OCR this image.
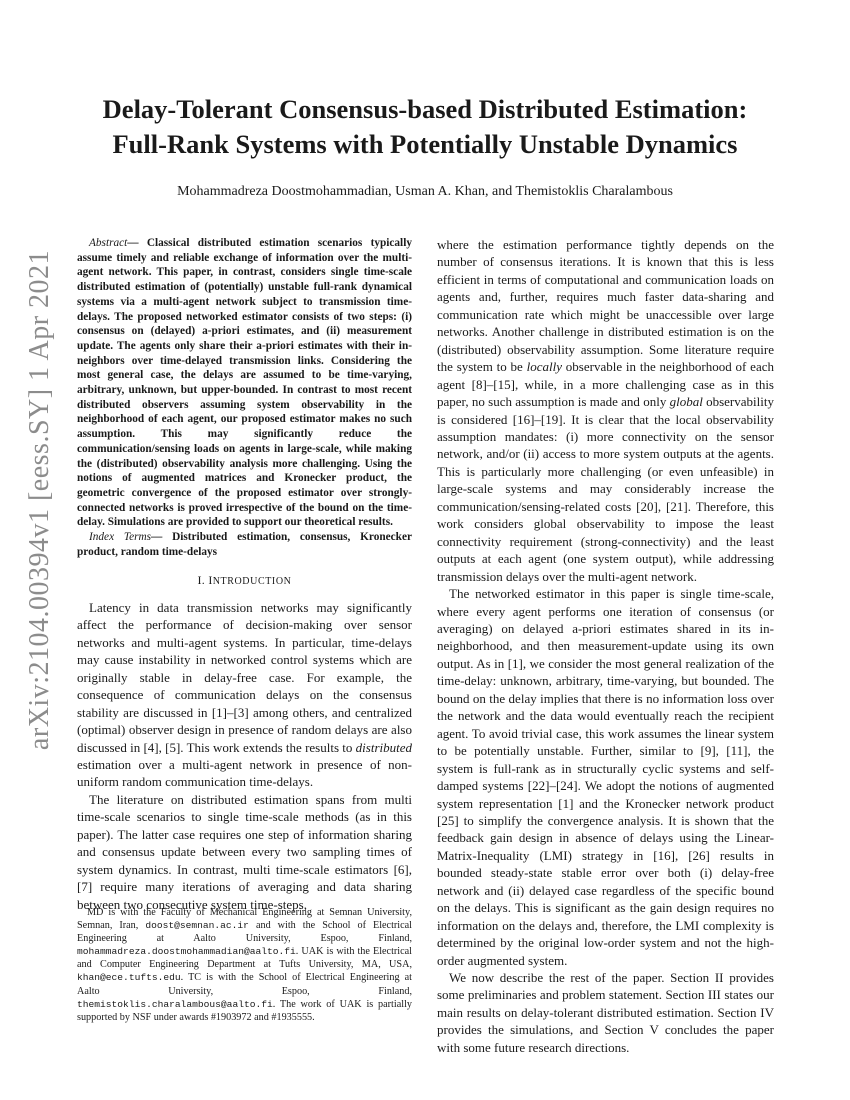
arXiv:2104.00394v1 [eess.SY] 1 Apr 2021
Delay-Tolerant Consensus-based Distributed Estimation:
Full-Rank Systems with Potentially Unstable Dynamics

Mohammadreza Doostmohammadian, Usman A. Khan, and Themistoklis Charalambous

Abstract— Classical distributed estimation scenarios typically assume timely and reliable exchange of information over the multi-agent network. This paper, in contrast, considers single time-scale distributed estimation of (potentially) unstable full-rank dynamical systems via a multi-agent network subject to transmission time-delays. The proposed networked estimator consists of two steps: (i) consensus on (delayed) a-priori estimates, and (ii) measurement update. The agents only share their a-priori estimates with their in-neighbors over time-delayed transmission links. Considering the most general case, the delays are assumed to be time-varying, arbitrary, unknown, but upper-bounded. In contrast to most recent distributed observers assuming system observability in the neighborhood of each agent, our proposed estimator makes no such assumption. This may significantly reduce the communication/sensing loads on agents in large-scale, while making the (distributed) observability analysis more challenging. Using the notions of augmented matrices and Kronecker product, the geometric convergence of the proposed estimator over strongly-connected networks is proved irrespective of the bound on the time-delay. Simulations are provided to support our theoretical results.

Index Terms— Distributed estimation, consensus, Kronecker product, random time-delays

I. INTRODUCTION

Latency in data transmission networks may significantly affect the performance of decision-making over sensor networks and multi-agent systems. In particular, time-delays may cause instability in networked control systems which are originally stable in delay-free case. For example, the consequence of communication delays on the consensus stability are discussed in [1]–[3] among others, and centralized (optimal) observer design in presence of random delays are also discussed in [4], [5]. This work extends the results to distributed estimation over a multi-agent network in presence of non-uniform random communication time-delays.

The literature on distributed estimation spans from multi time-scale scenarios to single time-scale methods (as in this paper). The latter case requires one step of information sharing and consensus update between every two sampling times of system dynamics. In contrast, multi time-scale estimators [6], [7] require many iterations of averaging and data sharing between two consecutive system time-steps,

MD is with the Faculty of Mechanical Engineering at Semnan University, Semnan, Iran, doost@semnan.ac.ir and with the School of Electrical Engineering at Aalto University, Espoo, Finland, mohammadreza.doostmohammadian@aalto.fi. UAK is with the Electrical and Computer Engineering Department at Tufts University, MA, USA, khan@ece.tufts.edu. TC is with the School of Electrical Engineering at Aalto University, Espoo, Finland, themistoklis.charalambous@aalto.fi. The work of UAK is partially supported by NSF under awards #1903972 and #1935555.

where the estimation performance tightly depends on the number of consensus iterations. It is known that this is less efficient in terms of computational and communication loads on agents and, further, requires much faster data-sharing and communication rate which might be unaccessible over large networks. Another challenge in distributed estimation is on the (distributed) observability assumption. Some literature require the system to be locally observable in the neighborhood of each agent [8]–[15], while, in a more challenging case as in this paper, no such assumption is made and only global observability is considered [16]–[19]. It is clear that the local observability assumption mandates: (i) more connectivity on the sensor network, and/or (ii) access to more system outputs at the agents. This is particularly more challenging (or even unfeasible) in large-scale systems and may considerably increase the communication/sensing-related costs [20], [21]. Therefore, this work considers global observability to impose the least connectivity requirement (strong-connectivity) and the least outputs at each agent (one system output), while addressing transmission delays over the multi-agent network.

The networked estimator in this paper is single time-scale, where every agent performs one iteration of consensus (or averaging) on delayed a-priori estimates shared in its in-neighborhood, and then measurement-update using its own output. As in [1], we consider the most general realization of the time-delay: unknown, arbitrary, time-varying, but bounded. The bound on the delay implies that there is no information loss over the network and the data would eventually reach the recipient agent. To avoid trivial case, this work assumes the linear system to be potentially unstable. Further, similar to [9], [11], the system is full-rank as in structurally cyclic systems and self-damped systems [22]–[24]. We adopt the notions of augmented system representation [1] and the Kronecker network product [25] to simplify the convergence analysis. It is shown that the feedback gain design in absence of delays using the Linear-Matrix-Inequality (LMI) strategy in [16], [26] results in bounded steady-state stable error over both (i) delay-free network and (ii) delayed case regardless of the specific bound on the delays. This is significant as the gain design requires no information on the delays and, therefore, the LMI complexity is determined by the original low-order system and not the high-order augmented system.

We now describe the rest of the paper. Section II provides some preliminaries and problem statement. Section III states our main results on delay-tolerant distributed estimation. Section IV provides the simulations, and Section V concludes the paper with some future research directions.
